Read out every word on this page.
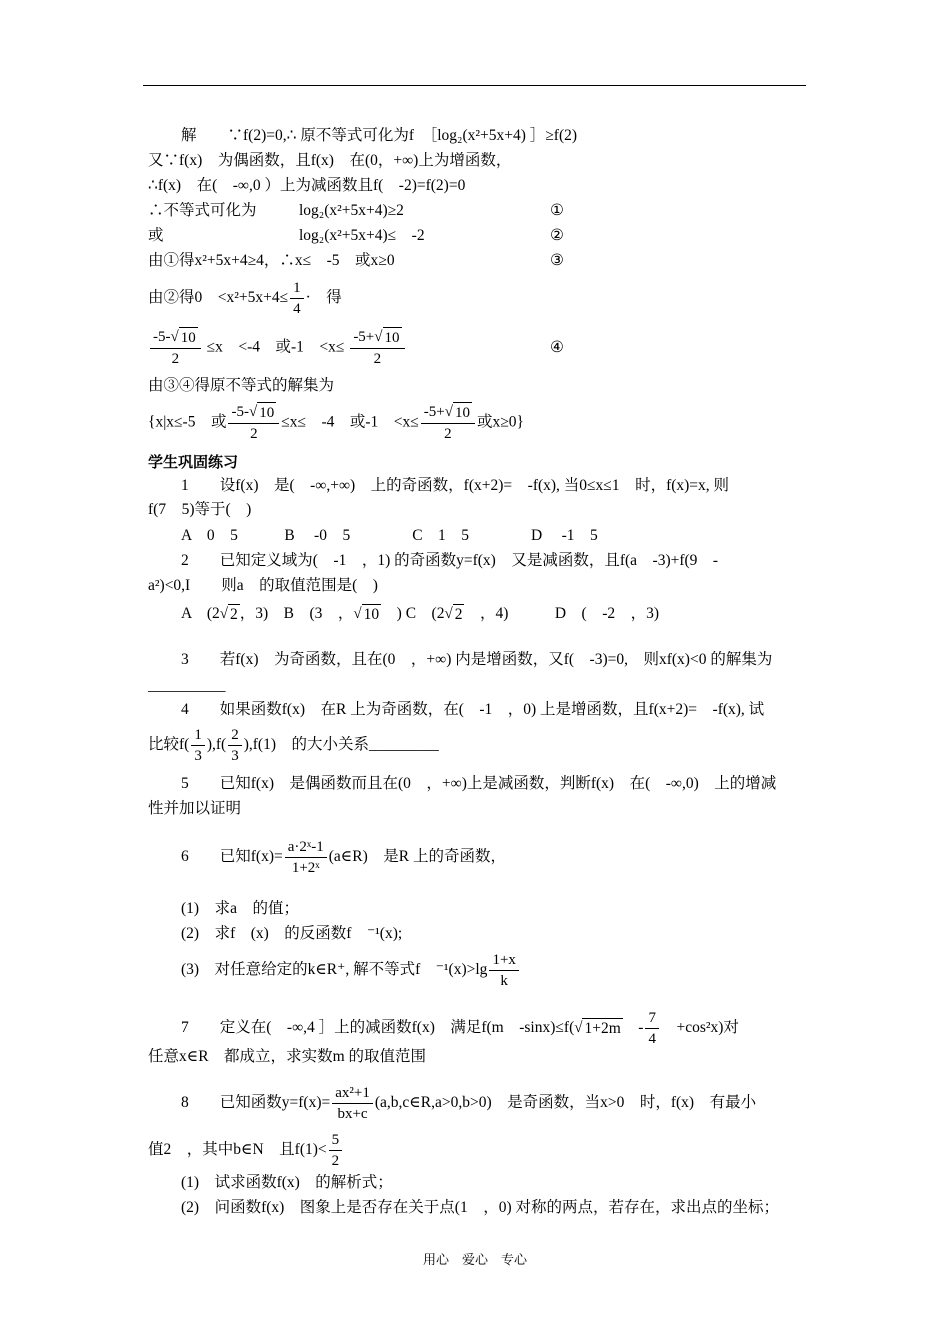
解　　∵f(2)=0,∴ 原不等式可化为f　［log₂(x²+5x+4) ］≥f(2)
又∵f(x)　为偶函数，且f(x)　在(0，+∞)上为增函数，
∴f(x)　在(　-∞,0 ）上为减函数且f(　-2)=f(2)=0
∴不等式可化为	log₂(x²+5x+4)≥2	①
或	log₂(x²+5x+4)≤　-2	②
由①得x²+5x+4≥4，∴x≤　-5　或x≥0	③
由②得0　$<x^2+5x+4\le \frac{1}{4}$ ·　得
$\frac{-5- √ 10}{2} \le x$　<-4　或-1　$<x\le \frac{-5+ √ 10}{2}$	④
由③④得原不等式的解集为
{x|x≤-5　或 $\frac{-5- √ 10}{2} \le x\le$　-4　或-1　$<x\le \frac{-5+ √ 10}{2}$ 或x≥0}
学生巩固练习
1　　设f(x)　是(　-∞,+∞)　上的奇函数，f(x+2)=　-f(x), 当0≤x≤1　时，f(x)=x, 则
f(7　5)等于(　)
A　0　5　　　B　 -0　5　　　　C　1　5　　　　D　 -1　5
2　　已知定义域为(　-1　，1) 的奇函数y=f(x)　又是减函数，且f(a　-3)+f(9　-
a²)<0,I　　则a　的取值范围是(　)
A　(2 √ 2 ，3)　B　(3　， √ 10 　) C　(2 √ 2 　，4)　　　D　(　-2　，3)
3　　若f(x)　为奇函数，且在(0　，+∞) 内是增函数，又f(　-3)=0,　则xf(x)<0 的解集为
__________
4　　如果函数f(x)　在R 上为奇函数，在(　-1　，0) 上是增函数，且f(x+2)=　-f(x), 试
比较$f( \frac{1}{3} ),f( \frac{2}{3} ),f(1)$　的大小关系_________
5　　已知f(x)　是偶函数而且在(0　，+∞)上是减函数，判断f(x)　在(　-∞,0)　上的增减
性并加以证明
6　　已知$f(x)= \frac{\text{a·2ˣ-1}}{\text{1+2ˣ}}$ (a∈R)　是R 上的奇函数，
(1)　求a　的值；
(2)　求f　(x)　的反函数f　⁻¹(x);
(3)　对任意给定的k∈R⁺, 解不等式f　$^{-1}(x)>\lg \frac{1+x}{k}$
7　　定义在(　-∞,4 ］上的减函数f(x)　满足f(m　-sinx)≤f( √ 1+2m 　- $\frac{7}{4}$ 　+cos²x)对
任意x∈R　都成立，求实数m 的取值范围
8　　已知函数$y=f(x)= \frac{\text{ax²+1}}{bx+c}$ (a,b,c∈R,a>0,b>0)　是奇函数，当x>0　时，f(x)　有最小
值2　，其中b∈N　且$f(1)< \frac{5}{2}$
(1)　试求函数f(x)　的解析式；
(2)　问函数f(x)　图象上是否存在关于点(1　，0) 对称的两点，若存在，求出点的坐标；
用心　爱心　专心
